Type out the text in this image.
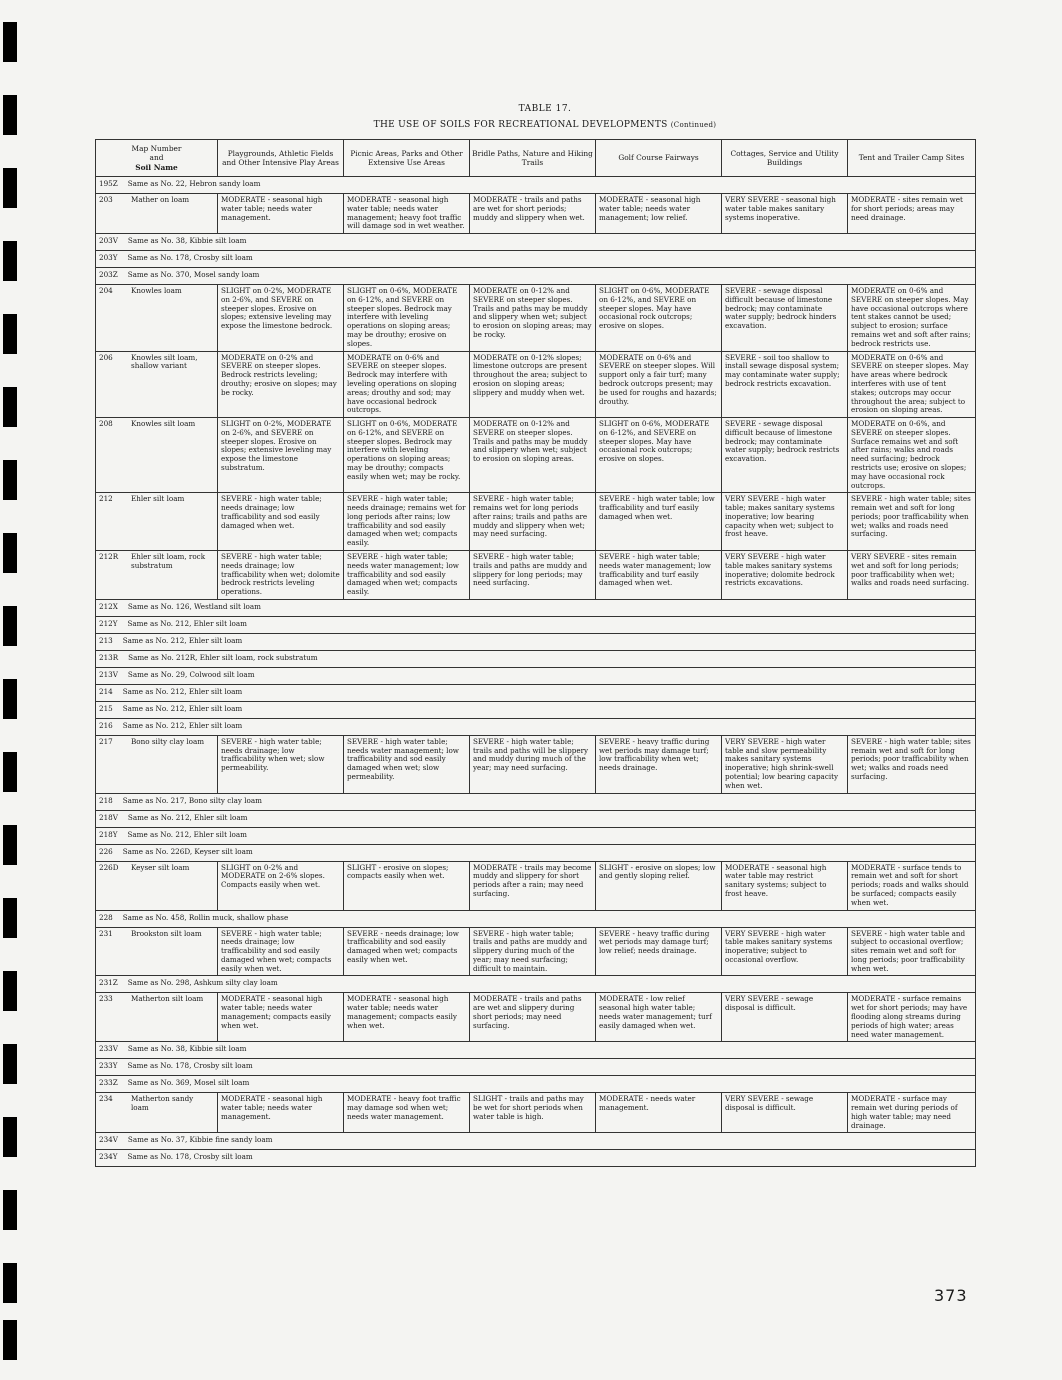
TABLE 17.
THE USE OF SOILS FOR RECREATIONAL DEVELOPMENTS (Continued)
Map Number
and
Soil Name	Playgrounds, Athletic Fields and Other Intensive Play Areas	Picnic Areas, Parks and Other Extensive Use Areas	Bridle Paths, Nature and Hiking Trails	Golf Course Fairways	Cottages, Service and Utility Buildings	Tent and Trailer Camp Sites
195Z Same as No. 22, Hebron sandy loam						
203 Mather on loam	MODERATE - seasonal high water table; needs water management.	MODERATE - seasonal high water table; needs water management; heavy foot traffic will damage sod in wet weather.	MODERATE - trails and paths are wet for short periods; muddy and slippery when wet.	MODERATE - seasonal high water table; needs water management; low relief.	VERY SEVERE - seasonal high water table makes sanitary systems inoperative.	MODERATE - sites remain wet for short periods; areas may need drainage.
203V Same as No. 38, Kibbie silt loam						
203Y Same as No. 178, Crosby silt loam						
203Z Same as No. 370, Mosel sandy loam						
204 Knowles loam	SLIGHT on 0-2%, MODERATE on 2-6%, and SEVERE on steeper slopes. Erosive on slopes; extensive leveling may expose the limestone bedrock.	SLIGHT on 0-6%, MODERATE on 6-12%, and SEVERE on steeper slopes. Bedrock may interfere with leveling operations on sloping areas; may be drouthy; erosive on slopes.	MODERATE on 0-12% and SEVERE on steeper slopes. Trails and paths may be muddy and slippery when wet; subject to erosion on sloping areas; may be rocky.	SLIGHT on 0-6%, MODERATE on 6-12%, and SEVERE on steeper slopes. May have occasional rock outcrops; erosive on slopes.	SEVERE - sewage disposal difficult because of limestone bedrock; may contaminate water supply; bedrock hinders excavation.	MODERATE on 0-6% and SEVERE on steeper slopes. May have occasional outcrops where tent stakes cannot be used; subject to erosion; surface remains wet and soft after rains; bedrock restricts use.
206 Knowles silt loam, shallow variant	MODERATE on 0-2% and SEVERE on steeper slopes. Bedrock restricts leveling; drouthy; erosive on slopes; may be rocky.	MODERATE on 0-6% and SEVERE on steeper slopes. Bedrock may interfere with leveling operations on sloping areas; drouthy and sod; may have occasional bedrock outcrops.	MODERATE on 0-12% slopes; limestone outcrops are present throughout the area; subject to erosion on sloping areas; slippery and muddy when wet.	MODERATE on 0-6% and SEVERE on steeper slopes. Will support only a fair turf; many bedrock outcrops present; may be used for roughs and hazards; drouthy.	SEVERE - soil too shallow to install sewage disposal system; may contaminate water supply; bedrock restricts excavation.	MODERATE on 0-6% and SEVERE on steeper slopes. May have areas where bedrock interferes with use of tent stakes; outcrops may occur throughout the area; subject to erosion on sloping areas.
208 Knowles silt loam	SLIGHT on 0-2%, MODERATE on 2-6%, and SEVERE on steeper slopes. Erosive on slopes; extensive leveling may expose the limestone substratum.	SLIGHT on 0-6%, MODERATE on 6-12%, and SEVERE on steeper slopes. Bedrock may interfere with leveling operations on sloping areas; may be drouthy; compacts easily when wet; may be rocky.	MODERATE on 0-12% and SEVERE on steeper slopes. Trails and paths may be muddy and slippery when wet; subject to erosion on sloping areas.	SLIGHT on 0-6%, MODERATE on 6-12%, and SEVERE on steeper slopes. May have occasional rock outcrops; erosive on slopes.	SEVERE - sewage disposal difficult because of limestone bedrock; may contaminate water supply; bedrock restricts excavation.	MODERATE on 0-6%, and SEVERE on steeper slopes. Surface remains wet and soft after rains; walks and roads need surfacing; bedrock restricts use; erosive on slopes; may have occasional rock outcrops.
212 Ehler silt loam	SEVERE - high water table; needs drainage; low trafficability and sod easily damaged when wet.	SEVERE - high water table; needs drainage; remains wet for long periods after rains; low trafficability and sod easily damaged when wet; compacts easily.	SEVERE - high water table; remains wet for long periods after rains; trails and paths are muddy and slippery when wet; may need surfacing.	SEVERE - high water table; low trafficability and turf easily damaged when wet.	VERY SEVERE - high water table; makes sanitary systems inoperative; low bearing capacity when wet; subject to frost heave.	SEVERE - high water table; sites remain wet and soft for long periods; poor trafficability when wet; walks and roads need surfacing.
212R Ehler silt loam, rock substratum	SEVERE - high water table; needs drainage; low trafficability when wet; dolomite bedrock restricts leveling operations.	SEVERE - high water table; needs water management; low trafficability and sod easily damaged when wet; compacts easily.	SEVERE - high water table; trails and paths are muddy and slippery for long periods; may need surfacing.	SEVERE - high water table; needs water management; low trafficability and turf easily damaged when wet.	VERY SEVERE - high water table makes sanitary systems inoperative; dolomite bedrock restricts excavations.	VERY SEVERE - sites remain wet and soft for long periods; poor trafficability when wet; walks and roads need surfacing.
212X Same as No. 126, Westland silt loam						
212Y Same as No. 212, Ehler silt loam						
213 Same as No. 212, Ehler silt loam						
213R Same as No. 212R, Ehler silt loam, rock substratum						
213V Same as No. 29, Colwood silt loam						
214 Same as No. 212, Ehler silt loam						
215 Same as No. 212, Ehler silt loam						
216 Same as No. 212, Ehler silt loam						
217 Bono silty clay loam	SEVERE - high water table; needs drainage; low trafficability when wet; slow permeability.	SEVERE - high water table; needs water management; low trafficability and sod easily damaged when wet; slow permeability.	SEVERE - high water table; trails and paths will be slippery and muddy during much of the year; may need surfacing.	SEVERE - heavy traffic during wet periods may damage turf; low trafficability when wet; needs drainage.	VERY SEVERE - high water table and slow permeability makes sanitary systems inoperative; high shrink-swell potential; low bearing capacity when wet.	SEVERE - high water table; sites remain wet and soft for long periods; poor trafficability when wet; walks and roads need surfacing.
218 Same as No. 217, Bono silty clay loam						
218V Same as No. 212, Ehler silt loam						
218Y Same as No. 212, Ehler silt loam						
226 Same as No. 226D, Keyser silt loam						
226D Keyser silt loam	SLIGHT on 0-2% and MODERATE on 2-6% slopes. Compacts easily when wet.	SLIGHT - erosive on slopes; compacts easily when wet.	MODERATE - trails may become muddy and slippery for short periods after a rain; may need surfacing.	SLIGHT - erosive on slopes; low and gently sloping relief.	MODERATE - seasonal high water table may restrict sanitary systems; subject to frost heave.	MODERATE - surface tends to remain wet and soft for short periods; roads and walks should be surfaced; compacts easily when wet.
228 Same as No. 458, Rollin muck, shallow phase						
231 Brookston silt loam	SEVERE - high water table; needs drainage; low trafficability and sod easily damaged when wet; compacts easily when wet.	SEVERE - needs drainage; low trafficability and sod easily damaged when wet; compacts easily when wet.	SEVERE - high water table; trails and paths are muddy and slippery during much of the year; may need surfacing; difficult to maintain.	SEVERE - heavy traffic during wet periods may damage turf; low relief; needs drainage.	VERY SEVERE - high water table makes sanitary systems inoperative; subject to occasional overflow.	SEVERE - high water table and subject to occasional overflow; sites remain wet and soft for long periods; poor trafficability when wet.
231Z Same as No. 298, Ashkum silty clay loam						
233 Matherton silt loam	MODERATE - seasonal high water table; needs water management; compacts easily when wet.	MODERATE - seasonal high water table; needs water management; compacts easily when wet.	MODERATE - trails and paths are wet and slippery during short periods; may need surfacing.	MODERATE - low relief seasonal high water table; needs water management; turf easily damaged when wet.	VERY SEVERE - sewage disposal is difficult.	MODERATE - surface remains wet for short periods; may have flooding along streams during periods of high water; areas need water management.
233V Same as No. 38, Kibbie silt loam						
233Y Same as No. 178, Crosby silt loam						
233Z Same as No. 369, Mosel silt loam						
234 Matherton sandy loam	MODERATE - seasonal high water table; needs water management.	MODERATE - heavy foot traffic may damage sod when wet; needs water management.	SLIGHT - trails and paths may be wet for short periods when water table is high.	MODERATE - needs water management.	VERY SEVERE - sewage disposal is difficult.	MODERATE - surface may remain wet during periods of high water table; may need drainage.
234V Same as No. 37, Kibbie fine sandy loam						
234Y Same as No. 178, Crosby silt loam						
373
